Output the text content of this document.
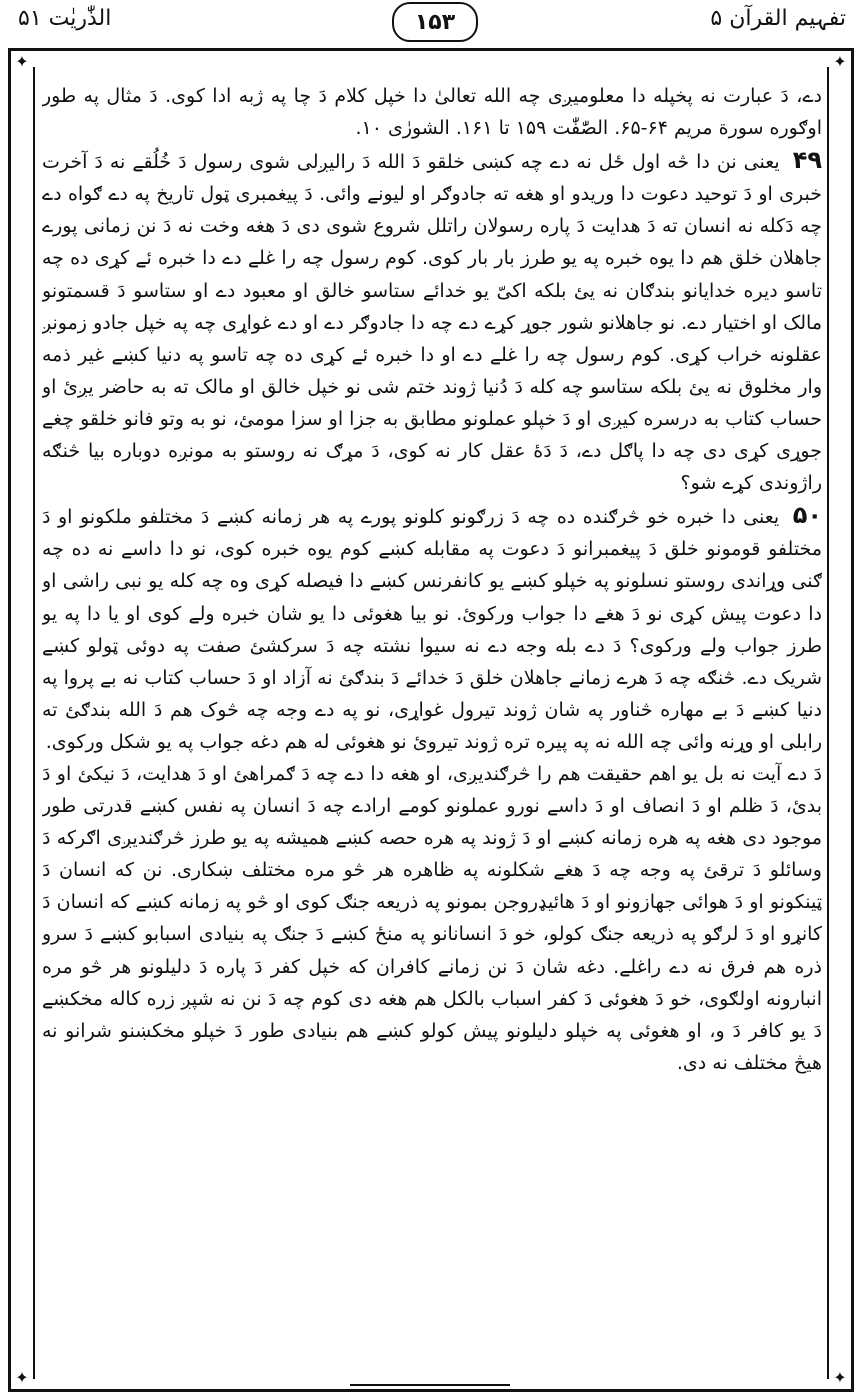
الذّٰریٰت ۵۱	۱۵۳	تفہیم القرآن ۵
✦	✦
✦	✦

دے، دَ عبارت نه پخپله دا معلومیږی چه الله تعالیٰ دا خپل کلام دَ چا په ژبه ادا کوی. دَ مثال په طور اوګوره سورة مریم ۶۴-۶۵. الصّٰفّٰت ۱۵۹ تا ۱۶۱. الشورٰی ۱۰.

۴۹ یعنی نن دا څه اول ځل نه دے چه کښی خلقو دَ الله دَ رالیږلی شوی رسول دَ خُلُقے نه دَ آخرت خبری او دَ توحید دعوت دا وریدو او هغه ته جادوګر او لیونے وائی. دَ پیغمبری ټول تاریخ په دے ګواه دے چه دَکله نه انسان ته دَ هدایت دَ پاره رسولان راتلل شروع شوی دی دَ هغه وخت نه دَ نن زمانی پورے جاهلان خلق هم دا یوه خبره په یو طرز بار بار کوی. کوم رسول چه را غلے دے دا خبره ئے کړی ده چه تاسو دیره خدایانو بندګان نه یئ بلکه اکیّ یو خدائے ستاسو خالق او معبود دے او ستاسو دَ قسمتونو مالک او اختیار دے. نو جاهلانو شور جوړ کړے دے چه دا جادوګر دے او دے غواړی چه په خپل جادو زمونږ عقلونه خراب کړی. کوم رسول چه را غلے دے او دا خبره ئے کړی ده چه تاسو په دنیا کښے غیر ذمه وار مخلوق نه یئ بلکه ستاسو چه کله دَ دُنیا ژوند ختم شی نو خپل خالق او مالک ته به حاضر یږئ او حساب کتاب به درسره کیږی او دَ خپلو عملونو مطابق به جزا او سزا مومئ، نو به وتو فانو خلقو چغے جوړی کړی دی چه دا پاګل دے، دَ دَهٔ عقل کار نه کوی، دَ مړګ نه روستو به مونږه دوباره بیا څنګه راژوندی کړے شو؟

۵۰ یعنی دا خبره خو څرګنده ده چه دَ زرګونو کلونو پورے په هر زمانه کښے دَ مختلفو ملکونو او دَ مختلفو قومونو خلق دَ پیغمبرانو دَ دعوت په مقابله کښے کوم یوه خبره کوی، نو دا داسے نه ده چه ګنی وړاندی روستو نسلونو په خپلو کښے یو کانفرنس کښے دا فیصله کړی وه چه کله یو نبی راشی او دا دعوت پیش کړی نو دَ هغے دا جواب ورکوئ. نو بیا هغوئی دا یو شان خبره ولے کوی او یا دا په یو طرز جواب ولے ورکوی؟ دَ دے بله وجه دے نه سیوا نشته چه دَ سرکشئ صفت په دوئی ټولو کښے شریک دے. څنګه چه دَ هرے زمانے جاهلان خلق دَ خدائے دَ بندګئ نه آزاد او دَ حساب کتاب نه بے پروا په دنیا کښے دَ بے مهاره څناور په شان ژوند تیرول غواړی، نو په دے وجه چه څوک هم دَ الله بندګئ ته رابلی او وړنه وائی چه الله نه په پیره تره ژوند تیروئ نو هغوئی له هم دغه جواب په یو شکل ورکوی.

دَ دے آیت نه بل یو اهم حقیقت هم را څرګندیږی، او هغه دا دے چه دَ ګمراهئ او دَ هدایت، دَ نیکئ او دَ بدئ، دَ ظلم او دَ انصاف او دَ داسے نورو عملونو کومے ارادے چه دَ انسان په نفس کښے قدرتی طور موجود دی هغه په هره زمانه کښے او دَ ژوند په هره حصه کښے همیشه په یو طرز څرګندیږی اګرکه دَ وسائلو دَ ترقئ په وجه چه دَ هغے شکلونه په ظاهره هر څو مره مختلف ښکاری. نن که انسان دَ ټینکونو او دَ هوائی جهازونو او دَ هائیډروجن بمونو په ذریعه جنګ کوی او څو په زمانه کښے که انسان دَ کانړو او دَ لرګو په ذریعه جنګ کولو، خو دَ انسانانو په منځ کښے دَ جنګ په بنیادی اسبابو کښے دَ سرو ذره هم فرق نه دے راغلے. دغه شان دَ نن زمانے کافران که خپل کفر دَ پاره دَ دلیلونو هر څو مره انبارونه اولګوی، خو دَ هغوئی دَ کفر اسباب بالکل هم هغه دی کوم چه دَ نن نه شپږ زره کاله مخکښے دَ یو کافر دَ و، او هغوئی په خپلو دلیلونو پیش کولو کښے هم بنیادی طور دَ خپلو مخکښنو شرانو نه هیڅ مختلف نه دی.
